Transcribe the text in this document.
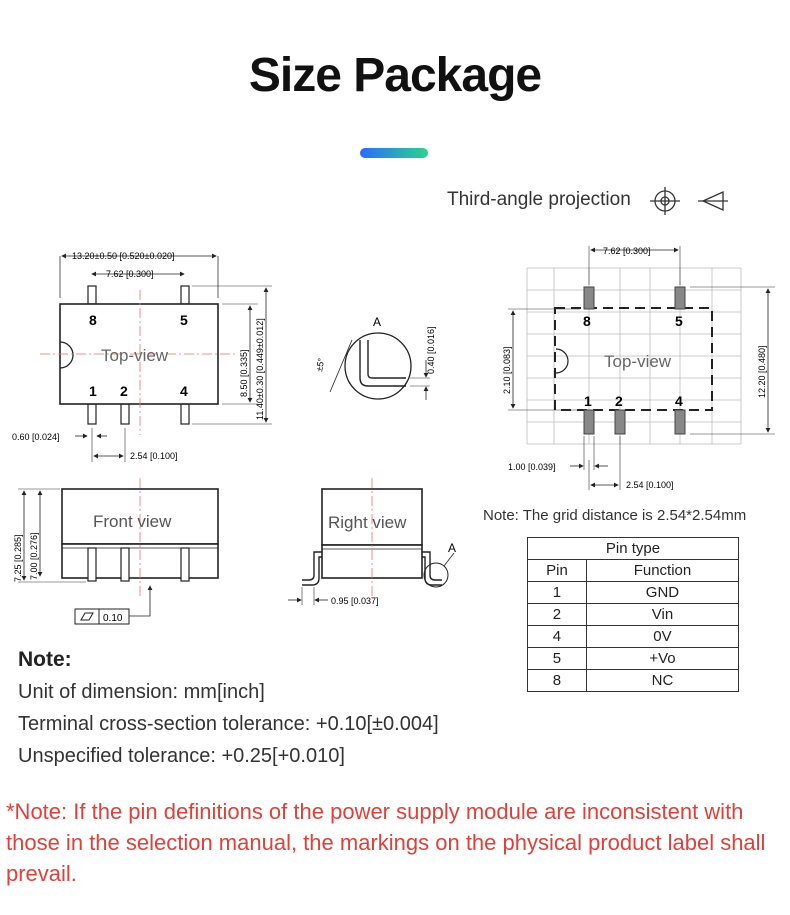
Size Package
Third-angle projection
13.20±0.50 [0.520±0.020]
7.62 [0.300]
Top-view
8	5
1 2	4	8.50 [0.335] 11.40±0.30 [0.449±0.012]
0.60 [0.024]
2.54 [0.100]
A
±5°	0.40 [0.016]	Top-view
8	5
1 2	4
7.62 [0.300]
12.20 [0.480]
2.10 [0.083]
1.00 [0.039]
2.54 [0.100]
Front view
7.25 [0.285] 7.00 [0.276]
0.10
A
Right view
0.95 [0.037]
Note: The grid distance is 2.54*2.54mm
Pin type	
Pin	Function
1	GND
2	Vin
4	0V
5	+Vo
8	NC
Note:
Unit of dimension: mm[inch]
Terminal cross-section tolerance: +0.10[±0.004]
Unspecified tolerance: +0.25[+0.010]
*Note: If the pin definitions of the power supply module are inconsistent with those in the selection manual, the markings on the physical product label shall prevail.
